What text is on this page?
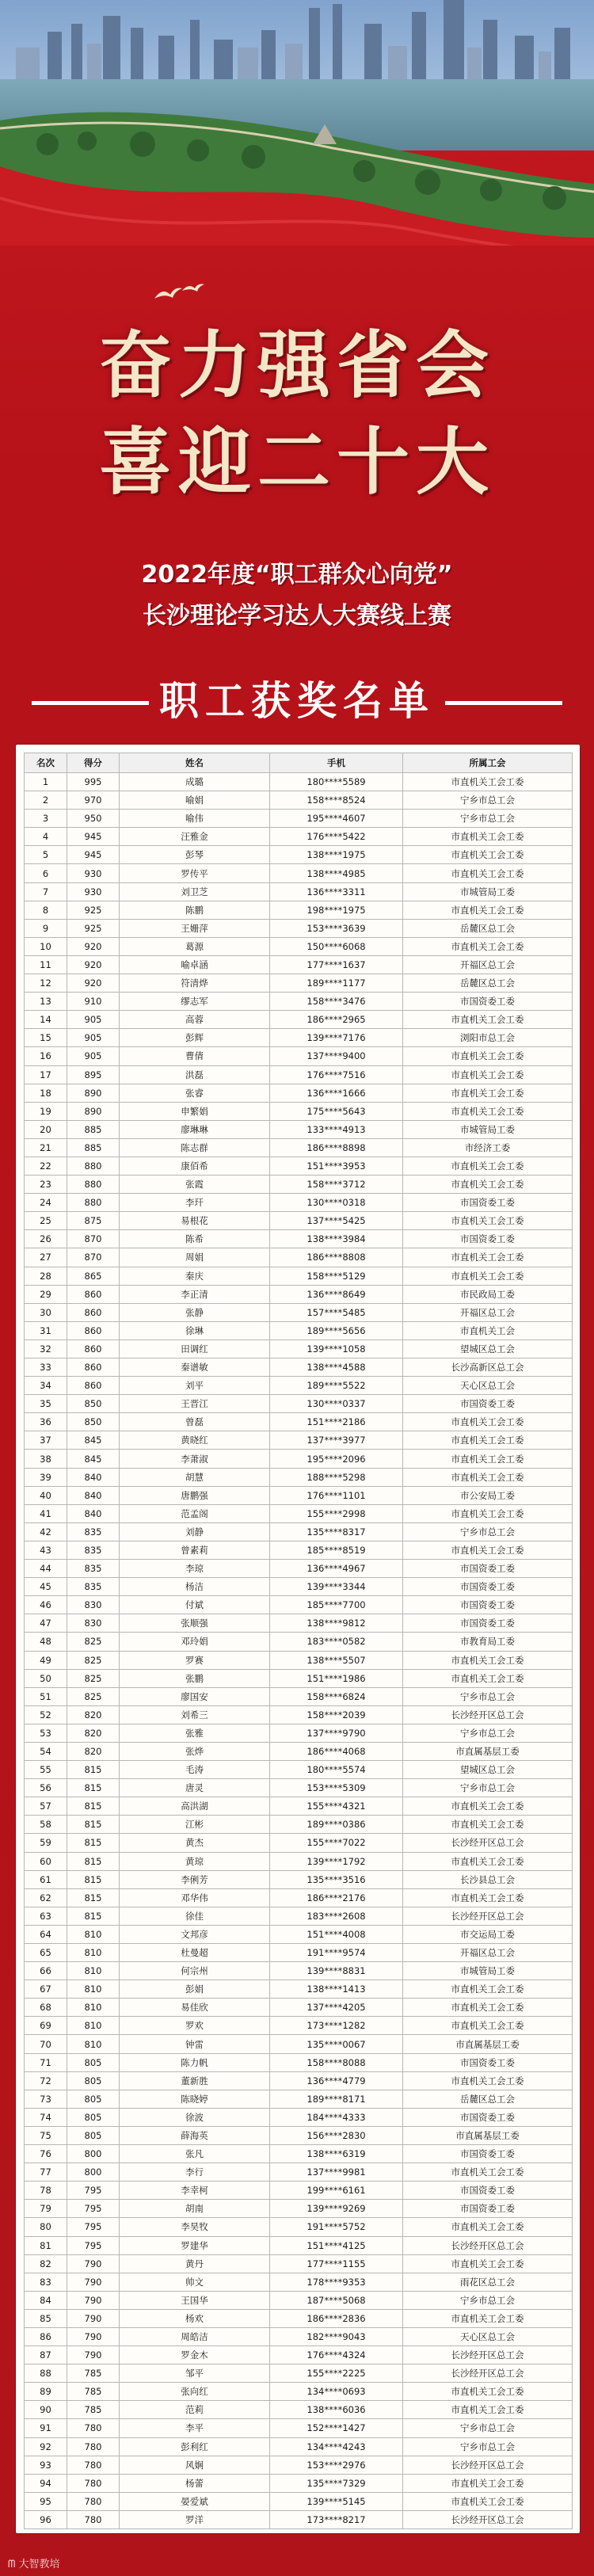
奋力强省会
喜迎二十大
2022年度“职工群众心向党”
长沙理论学习达人大赛线上赛
职工获奖名单
名次	得分	姓名	手机	所属工会
1	995	成璐	180****5589	市直机关工会工委
2	970	喻娟	158****8524	宁乡市总工会
3	950	喻伟	195****4607	宁乡市总工会
4	945	汪雅金	176****5422	市直机关工会工委
5	945	彭琴	138****1975	市直机关工会工委
6	930	罗传平	138****4985	市直机关工会工委
7	930	刘卫芝	136****3311	市城管局工委
8	925	陈鹏	198****1975	市直机关工会工委
9	925	王姗萍	153****3639	岳麓区总工会
10	920	葛源	150****6068	市直机关工会工委
11	920	喻卓涵	177****1637	开福区总工会
12	920	符清烨	189****1177	岳麓区总工会
13	910	缪志军	158****3476	市国资委工委
14	905	高蓉	186****2965	市直机关工会工委
15	905	彭辉	139****7176	浏阳市总工会
16	905	曹倩	137****9400	市直机关工会工委
17	895	洪磊	176****7516	市直机关工会工委
18	890	张睿	136****1666	市直机关工会工委
19	890	申繁娟	175****5643	市直机关工会工委
20	885	廖琳琳	133****4913	市城管局工委
21	885	陈志群	186****8898	市经济工委
22	880	康佰希	151****3953	市直机关工会工委
23	880	张霞	158****3712	市直机关工会工委
24	880	李玕	130****0318	市国资委工委
25	875	易根花	137****5425	市直机关工会工委
26	870	陈希	138****3984	市国资委工委
27	870	周娟	186****8808	市直机关工会工委
28	865	秦庆	158****5129	市直机关工会工委
29	860	李正清	136****8649	市民政局工委
30	860	张静	157****5485	开福区总工会
31	860	徐琳	189****5656	市直机关工会
32	860	田调红	139****1058	望城区总工会
33	860	秦谱敏	138****4588	长沙高新区总工会
34	860	刘平	189****5522	天心区总工会
35	850	王晋江	130****0337	市国资委工委
36	850	曾磊	151****2186	市直机关工会工委
37	845	黄晓红	137****3977	市直机关工会工委
38	845	李萧淑	195****2096	市直机关工会工委
39	840	胡慧	188****5298	市直机关工会工委
40	840	唐鹏强	176****1101	市公安局工委
41	840	范孟阁	155****2998	市直机关工会工委
42	835	刘静	135****8317	宁乡市总工会
43	835	曾素莉	185****8519	市直机关工会工委
44	835	李琼	136****4967	市国资委工委
45	835	杨洁	139****3344	市国资委工委
46	830	付斌	185****7700	市国资委工委
47	830	张顺强	138****9812	市国资委工委
48	825	邓玲娟	183****0582	市教育局工委
49	825	罗赛	138****5507	市直机关工会工委
50	825	张鹏	151****1986	市直机关工会工委
51	825	廖国安	158****6824	宁乡市总工会
52	820	刘希三	158****2039	长沙经开区总工会
53	820	张雅	137****9790	宁乡市总工会
54	820	张烨	186****4068	市直属基层工委
55	815	毛涛	180****5574	望城区总工会
56	815	唐灵	153****5309	宁乡市总工会
57	815	高洪湖	155****4321	市直机关工会工委
58	815	江彬	189****0386	市直机关工会工委
59	815	黄杰	155****7022	长沙经开区总工会
60	815	黄琼	139****1792	市直机关工会工委
61	815	李俐芳	135****3516	长沙县总工会
62	815	邓华伟	186****2176	市直机关工会工委
63	815	徐佳	183****2608	长沙经开区总工会
64	810	文邦彦	151****4008	市交运局工委
65	810	杜曼超	191****9574	开福区总工会
66	810	何宗州	139****8831	市城管局工委
67	810	彭娟	138****1413	市直机关工会工委
68	810	易佳欣	137****4205	市直机关工会工委
69	810	罗欢	173****1282	市直机关工会工委
70	810	钟雷	135****0067	市直属基层工委
71	805	陈力帆	158****8088	市国资委工委
72	805	董新胜	136****4779	市直机关工会工委
73	805	陈晓婷	189****8171	岳麓区总工会
74	805	徐波	184****4333	市国资委工委
75	805	薛海英	156****2830	市直属基层工委
76	800	张凡	138****6319	市国资委工委
77	800	李行	137****9981	市直机关工会工委
78	795	李幸柯	199****6161	市国资委工委
79	795	胡南	139****9269	市国资委工委
80	795	李昊牧	191****5752	市直机关工会工委
81	795	罗建华	151****4125	长沙经开区总工会
82	790	黄丹	177****1155	市直机关工会工委
83	790	帅文	178****9353	雨花区总工会
84	790	王国华	187****5068	宁乡市总工会
85	790	杨欢	186****2836	市直机关工会工委
86	790	周皓洁	182****9043	天心区总工会
87	790	罗金木	176****4324	长沙经开区总工会
88	785	邹平	155****2225	长沙经开区总工会
89	785	张向红	134****0693	市直机关工会工委
90	785	范莉	138****6036	市直机关工会工委
91	780	李平	152****1427	宁乡市总工会
92	780	彭利红	134****4243	宁乡市总工会
93	780	风娴	153****2976	长沙经开区总工会
94	780	杨蕾	135****7329	市直机关工会工委
95	780	晏爱斌	139****5145	市直机关工会工委
96	780	罗洋	173****8217	长沙经开区总工会
ᗰ 大智教培
